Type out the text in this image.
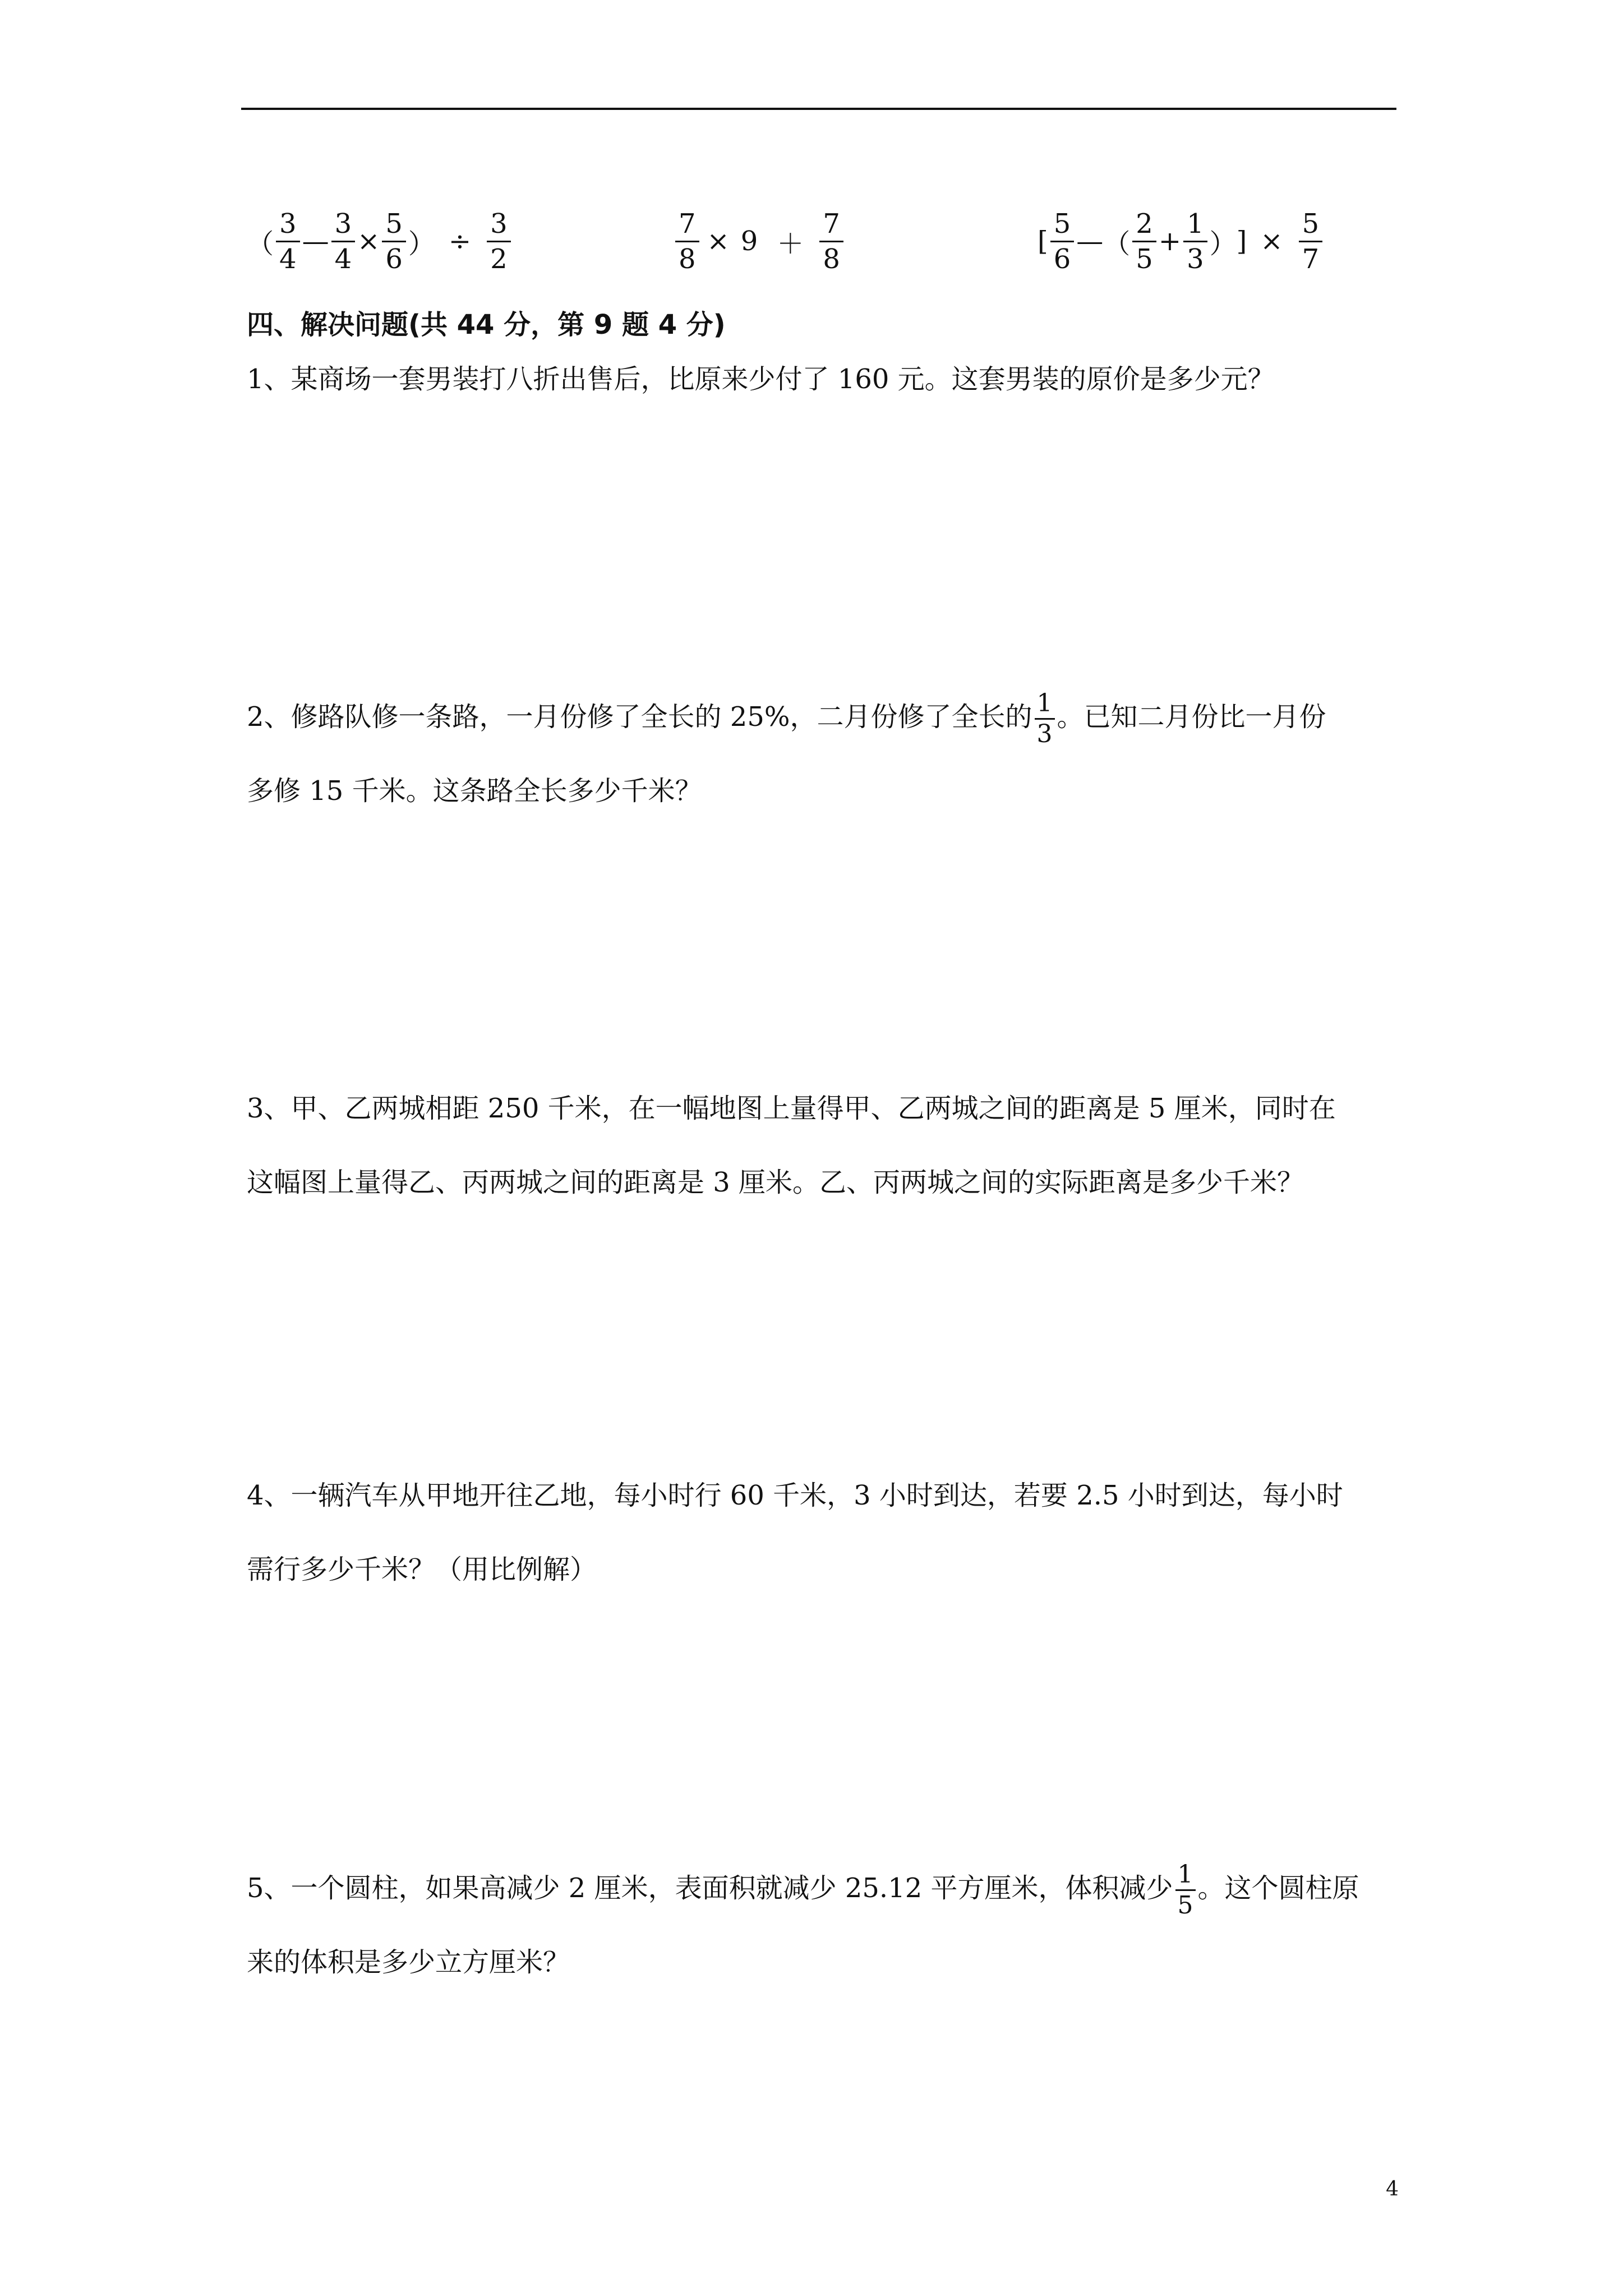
（ $\frac{3}{4}$ — $\frac{3}{4} \times \frac{5}{6}$ ） ÷ $\frac{3}{2}$	$\frac{7}{8} \times 9 + \frac{7}{8}$	[ $\frac{5}{6}$ — （ $\frac{2}{5} + \frac{1}{3}$ ） ] × $\frac{5}{7}$
四、解决问题(共 44 分，第 9 题 4 分)

1、某商场一套男装打八折出售后，比原来少付了 160 元。这套男装的原价是多少元？

2、修路队修一条路，一月份修了全长的 25%，二月份修了全长的 $\frac{1}{3}$ 。已知二月份比一月份

多修 15 千米。这条路全长多少千米？

3、甲、乙两城相距 250 千米，在一幅地图上量得甲、乙两城之间的距离是 5 厘米，同时在

这幅图上量得乙、丙两城之间的距离是 3 厘米。乙、丙两城之间的实际距离是多少千米？

4、一辆汽车从甲地开往乙地，每小时行 60 千米，3 小时到达，若要 2.5 小时到达，每小时

需行多少千米？（用比例解）

5、一个圆柱，如果高减少 2 厘米，表面积就减少 25.12 平方厘米，体积减少 $\frac{1}{5}$ 。这个圆柱原

来的体积是多少立方厘米？

4
